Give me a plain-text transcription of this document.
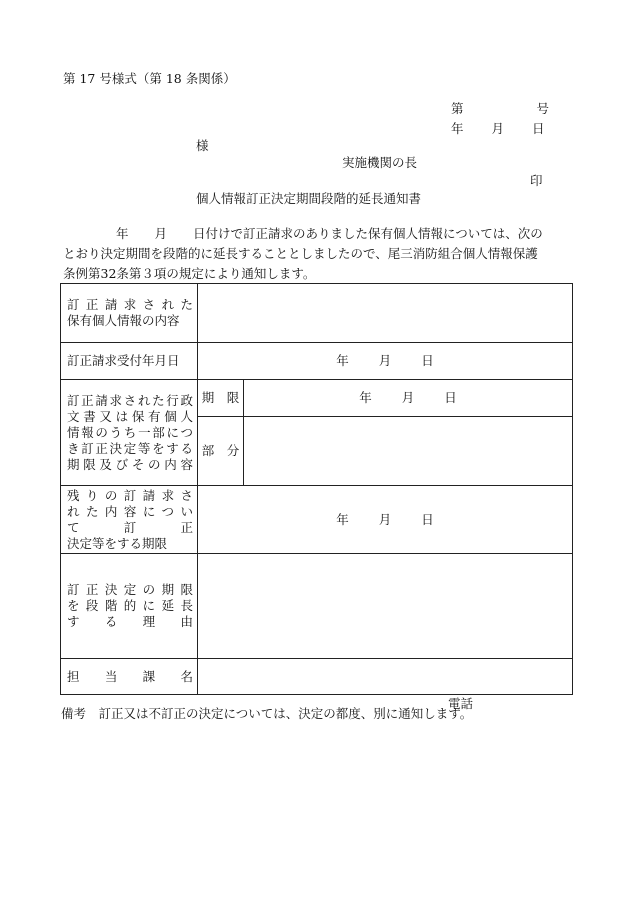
第 17 号様式（第 18 条関係）
第	号
年 月 日
様
実施機関の長
印
個人情報訂正決定期間段階的延長通知書
年 月 日付けで訂正請求のありました保有個人情報については、次の
とおり決定期間を段階的に延長することとしましたので、尾三消防組合個人情報保護
条例第32条第３項の規定により通知します。
訂正請求された
保有個人情報の内容		

訂正請求受付年月日	年 月 日	

訂正請求された行政
文書又は保有個人
情報のうち一部につ
き訂正決定等をする
期限及びその内容	期　限	年 月 日
	部　分	

残りの訂請求さ
れた内容につい
て　　訂　　正
決定等をする期限	年 月 日	

訂正決定の期限
を段階的に延長
す　る　理　由		

担　当　課　名	電話	
備考　訂正又は不訂正の決定については、決定の都度、別に通知します。
